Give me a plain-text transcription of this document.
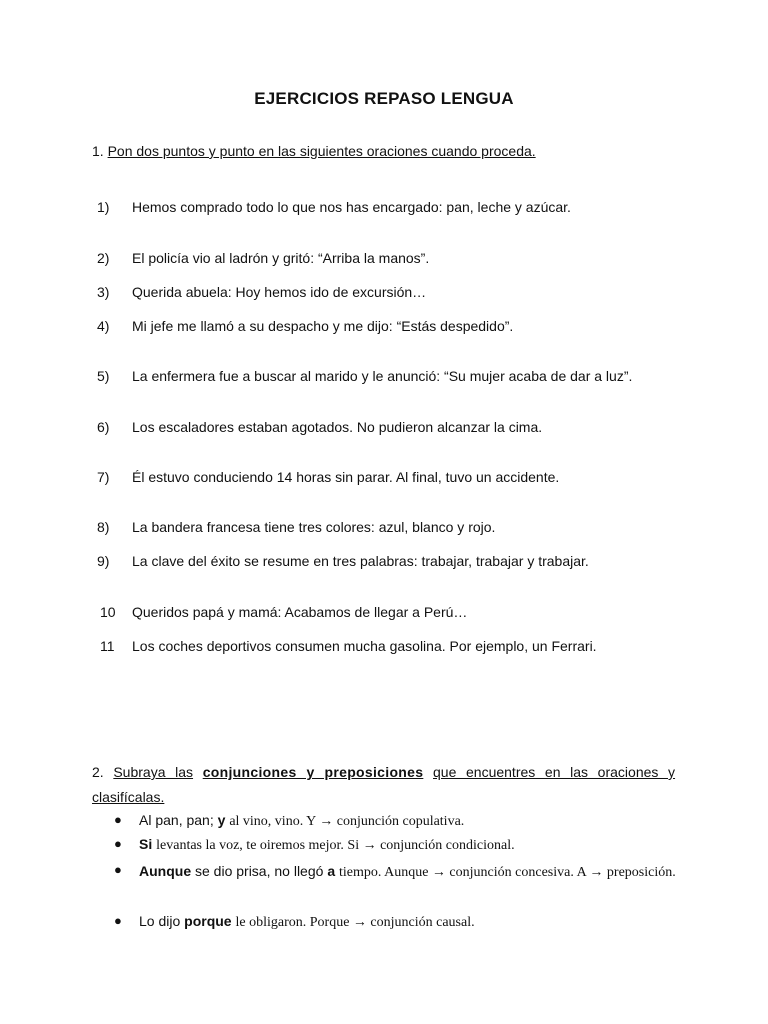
EJERCICIOS REPASO LENGUA
1. Pon dos puntos y punto en las siguientes oraciones cuando proceda.
1)	Hemos comprado todo lo que nos has encargado: pan, leche y azúcar.
2)	El policía vio al ladrón y gritó: “Arriba la manos”.
3)	Querida abuela: Hoy hemos ido de excursión…
4)	Mi jefe me llamó a su despacho y me dijo: “Estás despedido”.
5)	La enfermera fue a buscar al marido y le anunció: “Su mujer acaba de dar a luz”.
6)	Los escaladores estaban agotados. No pudieron alcanzar la cima.
7)	Él estuvo conduciendo 14 horas sin parar. Al final, tuvo un accidente.
8)	La bandera francesa tiene tres colores: azul, blanco y rojo.
9)	La clave del éxito se resume en tres palabras: trabajar, trabajar y trabajar.
10	Queridos papá y mamá: Acabamos de llegar a Perú…
11	Los coches deportivos consumen mucha gasolina. Por ejemplo, un Ferrari.
2. Subraya las conjunciones y preposiciones que encuentres en las oraciones y clasifícalas.
● Al pan, pan; y al vino, vino. Y → conjunción copulativa.
● Si levantas la voz, te oiremos mejor. Si → conjunción condicional.
● Aunque se dio prisa, no llegó a tiempo. Aunque → conjunción concesiva. A → preposición.
● Lo dijo porque le obligaron. Porque → conjunción causal.
